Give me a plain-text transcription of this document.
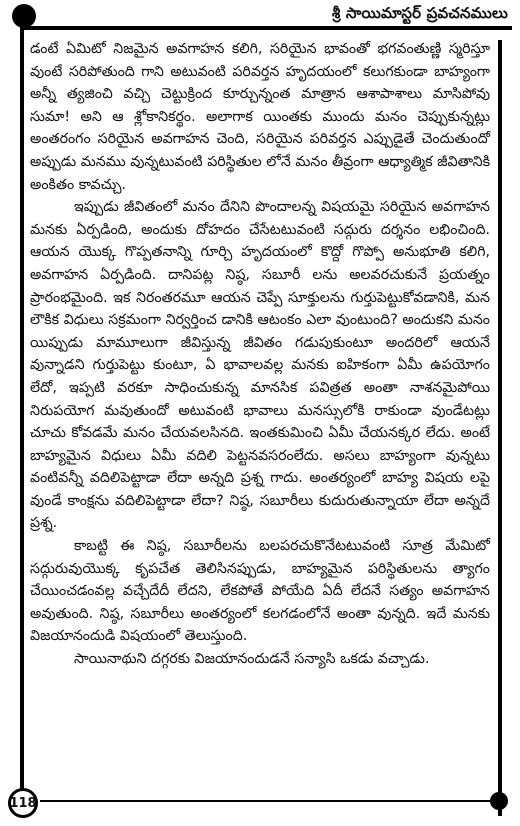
శ్రీ సాయిమాస్టర్ ప్రవచనములు

డంటే ఏమిటో నిజమైన అవగాహన కలిగి, సరియైన భావంతో భగవంతుణ్ణి స్మరిస్తూ వుంటే సరిపోతుంది గాని అటువంటి పరివర్తన హృదయంలో కలుగకుండా బాహ్యంగా అన్నీ త్యజించి వచ్చి చెట్టుక్రింద కూర్చున్నంత మాత్రాన ఆశాపాశాలు మాసిపోవు సుమా! అని ఆ శ్లోకానికర్థం. అలాగాక యింతకు ముందు మనం చెప్పుకున్నట్లు అంతరంగం సరియైన అవగాహన చెంది, సరియైన పరివర్తన ఎప్పుడైతే చెందుతుందో అప్పుడు మనము వున్నటువంటి పరిస్థితుల లోనే మనం తీవ్రంగా ఆధ్యాత్మిక జీవితానికి అంకితం కావచ్చు.

ఇప్పుడు జీవితంలో మనం దేనిని పొందాలన్న విషయమై సరియైన అవగాహన మనకు ఏర్పడింది, అందుకు దోహదం చేసేటటువంటి సద్గురు దర్శనం లభించింది. ఆయన యొక్క గొప్పతనాన్ని గూర్చి హృదయంలో కొద్దో గొప్పో అనుభూతి కలిగి, అవగాహన ఏర్పడింది. దానిపట్ల నిష్ఠ, సబూరీ లను అలవరచుకునే ప్రయత్నం ప్రారంభమైంది. ఇక నిరంతరమూ ఆయన చెప్పే సూక్తులను గుర్తుపెట్టుకోవడానికి, మన లౌకిక విధులు సక్రమంగా నిర్వర్తించ డానికి ఆటంకం ఎలా వుంటుంది? అందుకని మనం యిప్పుడు మామూలుగా జీవిస్తున్న జీవితం గడుపుకుంటూ అందరిలో ఆయనే వున్నాడని గుర్తుపెట్టు కుంటూ, ఏ భావాలవల్ల మనకు ఐహికంగా ఏమీ ఉపయోగం లేదో, ఇప్పటి వరకూ సాధించుకున్న మానసిక పవిత్రత అంతా నాశనమైపోయి నిరుపయోగ మవుతుందో అటువంటి భావాలు మనస్సులోకి రాకుండా వుండేటట్లు చూచు కోవడమే మనం చేయవలసినది. ఇంతకుమించి ఏమీ చేయనక్కర లేదు. అంటే బాహ్యమైన విధులు ఏమీ వదిలి పెట్టనవసరంలేదు. అసలు బాహ్యంగా వున్నటు వంటివన్నీ వదిలిపెట్టాడా లేదా అన్నది ప్రశ్న గాదు. అంతర్యంలో బాహ్య విషయ లపై వుండే కాంక్షను వదిలిపెట్టాడా లేదా? నిష్ఠ, సబూరీలు కుదురుతున్నాయా లేదా అన్నదే ప్రశ్న.

కాబట్టి ఈ నిష్ఠ, సబూరీలను బలపరచుకొనేటటువంటి సూత్ర మేమిటో సద్గురువుయొక్క కృపచేత తెలిసినప్పుడు, బాహ్యమైన పరిస్థితులను త్యాగం చేయించడంవల్ల వచ్చేదేదీ లేదని, లేకపోతే పోయేది ఏదీ లేదనే సత్యం అవగాహన అవుతుంది. నిష్ఠ, సబూరీలు అంతర్యంలో కలగడంలోనే అంతా వున్నది. ఇదే మనకు విజయానందుడి విషయంలో తెలుస్తుంది.

సాయినాథుని దగ్గరకు విజయానందుడనే సన్యాసి ఒకడు వచ్చాడు.

118
